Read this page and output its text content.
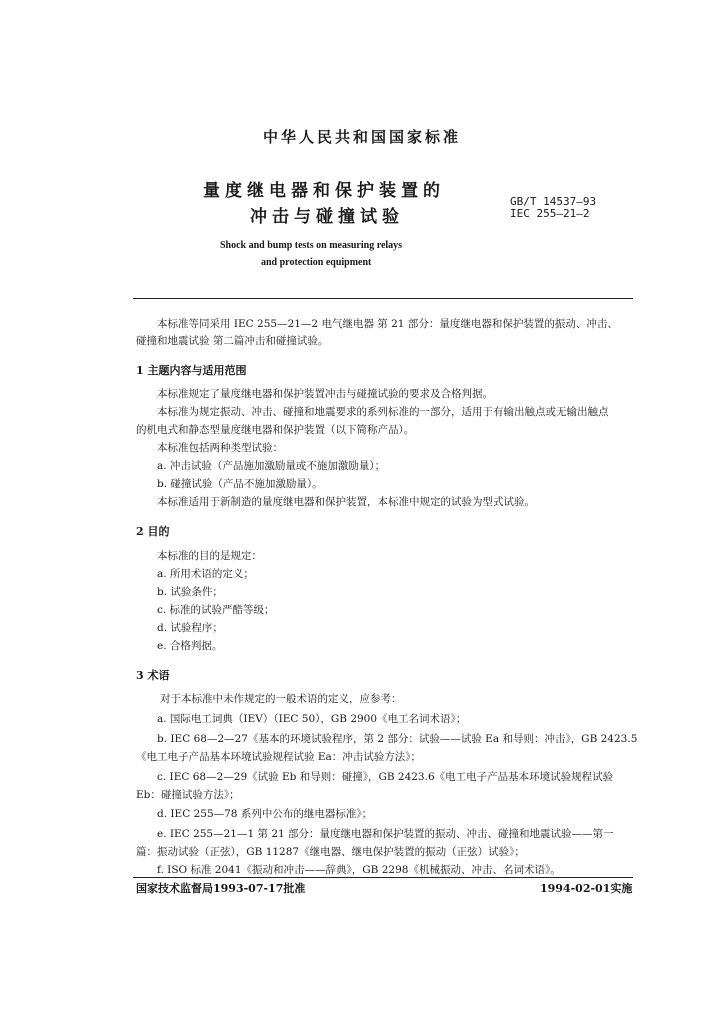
中华人民共和国国家标准
量度继电器和保护装置的
冲击与碰撞试验
GB/T 14537—93
IEC 255—21—2
Shock and bump tests on measuring relays
and protection equipment
本标准等同采用 IEC 255—21—2 电气继电器 第 21 部分：量度继电器和保护装置的振动、冲击、
碰撞和地震试验 第二篇冲击和碰撞试验。
1 主题内容与适用范围
本标准规定了量度继电器和保护装置冲击与碰撞试验的要求及合格判据。
本标准为规定振动、冲击、碰撞和地震要求的系列标准的一部分，适用于有输出触点或无输出触点
的机电式和静态型量度继电器和保护装置（以下简称产品）。
本标准包括两种类型试验：
a. 冲击试验（产品施加激励量或不施加激励量）；
b. 碰撞试验（产品不施加激励量）。
本标准适用于新制造的量度继电器和保护装置，本标准中规定的试验为型式试验。
2 目的
本标准的目的是规定：
a. 所用术语的定义；
b. 试验条件；
c. 标准的试验严酷等级；
d. 试验程序；
e. 合格判据。
3 术语
对于本标准中未作规定的一般术语的定义，应参考：
a. 国际电工词典（IEV）（IEC 50），GB 2900《电工名词术语》；
b. IEC 68—2—27《基本的环境试验程序，第 2 部分：试验——试验 Ea 和导则：冲击》，GB 2423.5
《电工电子产品基本环境试验规程试验 Ea：冲击试验方法》；
c. IEC 68—2—29《试验 Eb 和导则：碰撞》，GB 2423.6《电工电子产品基本环境试验规程试验
Eb：碰撞试验方法》；
d. IEC 255—78 系列中公布的继电器标准》；
e. IEC 255—21—1 第 21 部分：量度继电器和保护装置的振动、冲击、碰撞和地震试验——第一
篇：振动试验（正弦），GB 11287《继电器、继电保护装置的振动（正弦）试验》；
f. ISO 标准 2041《振动和冲击——辞典》，GB 2298《机械振动、冲击、名词术语》。
国家技术监督局1993-07-17批准	1994-02-01实施
